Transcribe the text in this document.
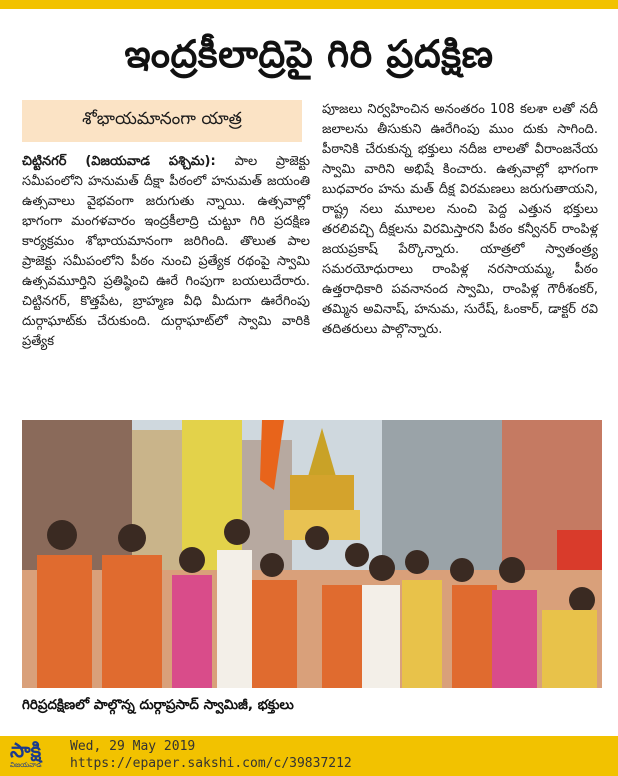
ఇంద్రకీలాద్రిపై గిరి ప్రదక్షిణ
శోభాయమానంగా యాత్ర
చిట్టినగర్ (విజయవాడ పశ్చిమ): పాల ప్రాజెక్టు సమీపంలోని హనుమత్ దీక్షా పీఠంలో హనుమత్ జయంతి ఉత్సవాలు వైభవంగా జరుగుతు న్నాయి. ఉత్సవాల్లో భాగంగా మంగళవారం ఇంద్రకీలాద్రి చుట్టూ గిరి ప్రదక్షిణ కార్యక్రమం శోభాయమానంగా జరిగింది. తొలుత పాల ప్రాజెక్టు సమీపంలోని పీఠం నుంచి ప్రత్యేక రథంపై స్వామి ఉత్సవమూర్తిని ప్రతిష్ఠించి ఊరే గింపుగా బయలుదేరారు. చిట్టినగర్, కొత్తపేట, బ్రాహ్మణ వీధి మీదుగా ఊరేగింపు దుర్గాఘాట్‌కు చేరుకుంది. దుర్గాఘాట్‌లో స్వామి వారికి ప్రత్యేక
పూజలు నిర్వహించిన అనంతరం 108 కలశా లతో నదీ జలాలను తీసుకుని ఊరేగింపు ముం దుకు సాగింది. పీఠానికి చేరుకున్న భక్తులు నదీజ లాలతో వీరాంజనేయ స్వామి వారిని అభిషే కించారు. ఉత్సవాల్లో భాగంగా బుధవారం హను మత్ దీక్ష విరమణలు జరుగుతాయని, రాష్ట్ర నలు మూలల నుంచి పెద్ద ఎత్తున భక్తులు తరలివచ్చి దీక్షలను విరమిస్తారని పీఠం కన్వీనర్ రాంపిళ్ల జయప్రకాష్ పేర్కొన్నారు. యాత్రలో స్వాతంత్ర్య సమరయోధురాలు రాంపిళ్ల నరసాయమ్మ, పీఠం ఉత్తరాధికారి పవనానంద స్వామి, రాంపిళ్ల గౌరీశంకర్, తమ్మిన అవినాష్, హనుమ, సురేష్, ఓంకార్, డాక్టర్ రవి తదితరులు పాల్గొన్నారు.
గిరిప్రదక్షిణలో పాల్గొన్న దుర్గాప్రసాద్ స్వామిజీ, భక్తులు
సాక్షి
విజయవాడ
Wed, 29 May 2019
https://epaper.sakshi.com/c/39837212
